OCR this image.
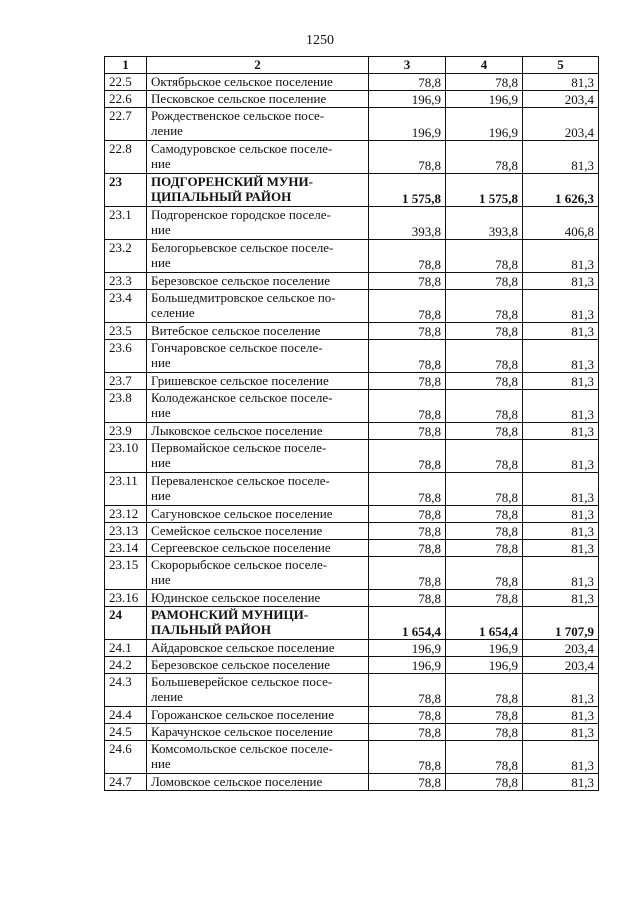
1250
1	2	3	4	5
22.5	Октябрьское сельское поселение	78,8	78,8	81,3
22.6	Песковское сельское поселение	196,9	196,9	203,4
22.7	Рождественское сельское посе-
ление	196,9	196,9	203,4
22.8	Самодуровское сельское поселе-
ние	78,8	78,8	81,3
23	ПОДГОРЕНСКИЙ МУНИ-
ЦИПАЛЬНЫЙ РАЙОН	1 575,8	1 575,8	1 626,3
23.1	Подгоренское городское поселе-
ние	393,8	393,8	406,8
23.2	Белогорьевское сельское поселе-
ние	78,8	78,8	81,3
23.3	Березовское сельское поселение	78,8	78,8	81,3
23.4	Большедмитровское сельское по-
селение	78,8	78,8	81,3
23.5	Витебское сельское поселение	78,8	78,8	81,3
23.6	Гончаровское сельское поселе-
ние	78,8	78,8	81,3
23.7	Гришевское сельское поселение	78,8	78,8	81,3
23.8	Колодежанское сельское поселе-
ние	78,8	78,8	81,3
23.9	Лыковское сельское поселение	78,8	78,8	81,3
23.10	Первомайское сельское поселе-
ние	78,8	78,8	81,3
23.11	Переваленское сельское поселе-
ние	78,8	78,8	81,3
23.12	Сагуновское сельское поселение	78,8	78,8	81,3
23.13	Семейское сельское поселение	78,8	78,8	81,3
23.14	Сергеевское сельское поселение	78,8	78,8	81,3
23.15	Скорорыбское сельское поселе-
ние	78,8	78,8	81,3
23.16	Юдинское сельское поселение	78,8	78,8	81,3
24	РАМОНСКИЙ МУНИЦИ-
ПАЛЬНЫЙ РАЙОН	1 654,4	1 654,4	1 707,9
24.1	Айдаровское сельское поселение	196,9	196,9	203,4
24.2	Березовское сельское поселение	196,9	196,9	203,4
24.3	Большеверейское сельское посе-
ление	78,8	78,8	81,3
24.4	Горожанское сельское поселение	78,8	78,8	81,3
24.5	Карачунское сельское поселение	78,8	78,8	81,3
24.6	Комсомольское сельское поселе-
ние	78,8	78,8	81,3
24.7	Ломовское сельское поселение	78,8	78,8	81,3
